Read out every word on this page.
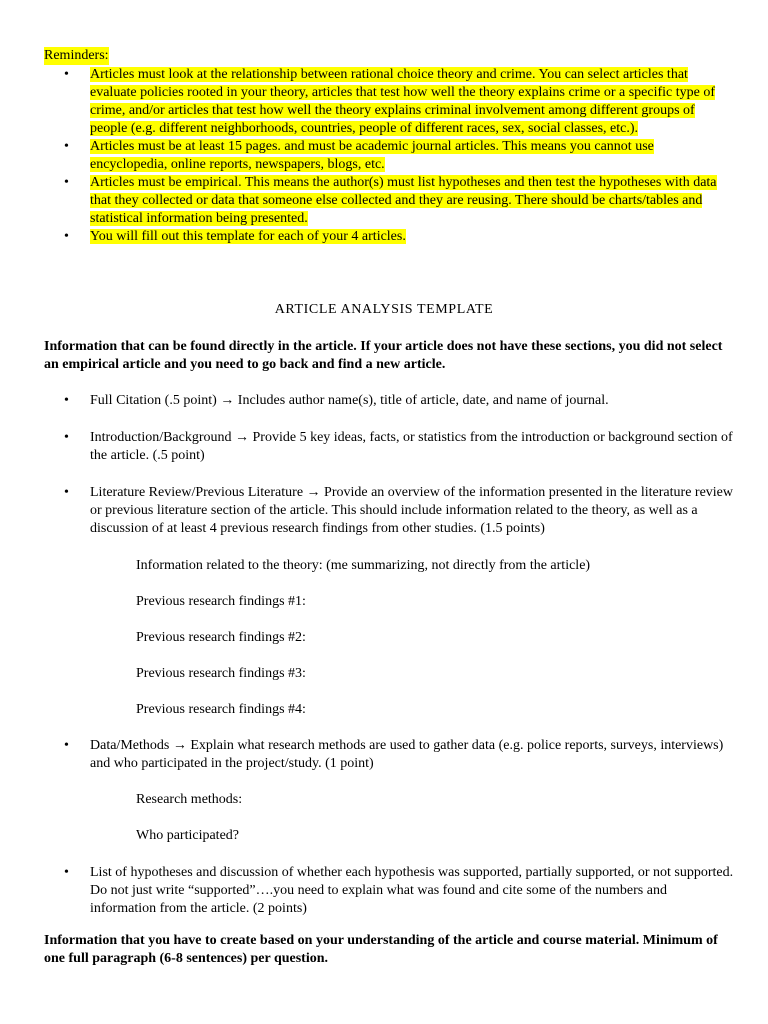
Reminders:
• Articles must look at the relationship between rational choice theory and crime. You can select articles that evaluate policies rooted in your theory, articles that test how well the theory explains crime or a specific type of crime, and/or articles that test how well the theory explains criminal involvement among different groups of people (e.g. different neighborhoods, countries, people of different races, sex, social classes, etc.).
• Articles must be at least 15 pages. and must be academic journal articles. This means you cannot use encyclopedia, online reports, newspapers, blogs, etc.
• Articles must be empirical. This means the author(s) must list hypotheses and then test the hypotheses with data that they collected or data that someone else collected and they are reusing. There should be charts/tables and statistical information being presented.
• You will fill out this template for each of your 4 articles.
ARTICLE ANALYSIS TEMPLATE
Information that can be found directly in the article. If your article does not have these sections, you did not select an empirical article and you need to go back and find a new article.
• Full Citation (.5 point) → Includes author name(s), title of article, date, and name of journal.
• Introduction/Background → Provide 5 key ideas, facts, or statistics from the introduction or background section of the article. (.5 point)
• Literature Review/Previous Literature → Provide an overview of the information presented in the literature review or previous literature section of the article. This should include information related to the theory, as well as a discussion of at least 4 previous research findings from other studies. (1.5 points)
Information related to the theory: (me summarizing, not directly from the article)
Previous research findings #1:
Previous research findings #2:
Previous research findings #3:
Previous research findings #4:
• Data/Methods → Explain what research methods are used to gather data (e.g. police reports, surveys, interviews) and who participated in the project/study. (1 point)
Research methods:
Who participated?
• List of hypotheses and discussion of whether each hypothesis was supported, partially supported, or not supported. Do not just write “supported”….you need to explain what was found and cite some of the numbers and information from the article. (2 points)
Information that you have to create based on your understanding of the article and course material. Minimum of one full paragraph (6-8 sentences) per question.
